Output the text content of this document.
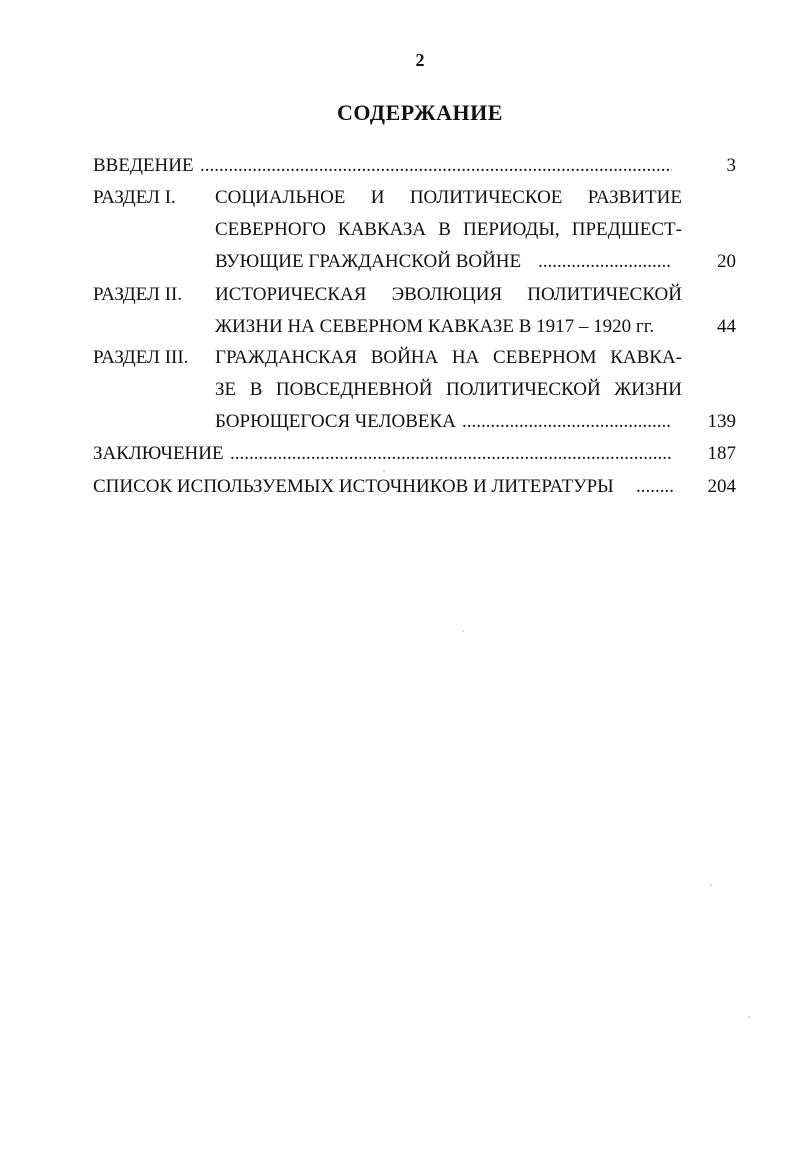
2
СОДЕРЖАНИЕ
ВВЕДЕНИЕ .....	3
РАЗДЕЛ I. СОЦИАЛЬНОЕ И ПОЛИТИЧЕСКОЕ РАЗВИТИЕ
СЕВЕРНОГО КАВКАЗА В ПЕРИОДЫ, ПРЕДШЕСТ-
ВУЮЩИЕ ГРАЖДАНСКОЙ ВОЙНЕ .....	20
РАЗДЕЛ II. ИСТОРИЧЕСКАЯ ЭВОЛЮЦИЯ ПОЛИТИЧЕСКОЙ
ЖИЗНИ НА СЕВЕРНОМ КАВКАЗЕ В 1917 – 1920 гг.	44
РАЗДЕЛ III. ГРАЖДАНСКАЯ ВОЙНА НА СЕВЕРНОМ КАВКА-
ЗЕ В ПОВСЕДНЕВНОЙ ПОЛИТИЧЕСКОЙ ЖИЗНИ
БОРЮЩЕГОСЯ ЧЕЛОВЕКА .....	139
ЗАКЛЮЧЕНИЕ .....	187
СПИСОК ИСПОЛЬЗУЕМЫХ ИСТОЧНИКОВ И ЛИТЕРАТУРЫ .....	204
